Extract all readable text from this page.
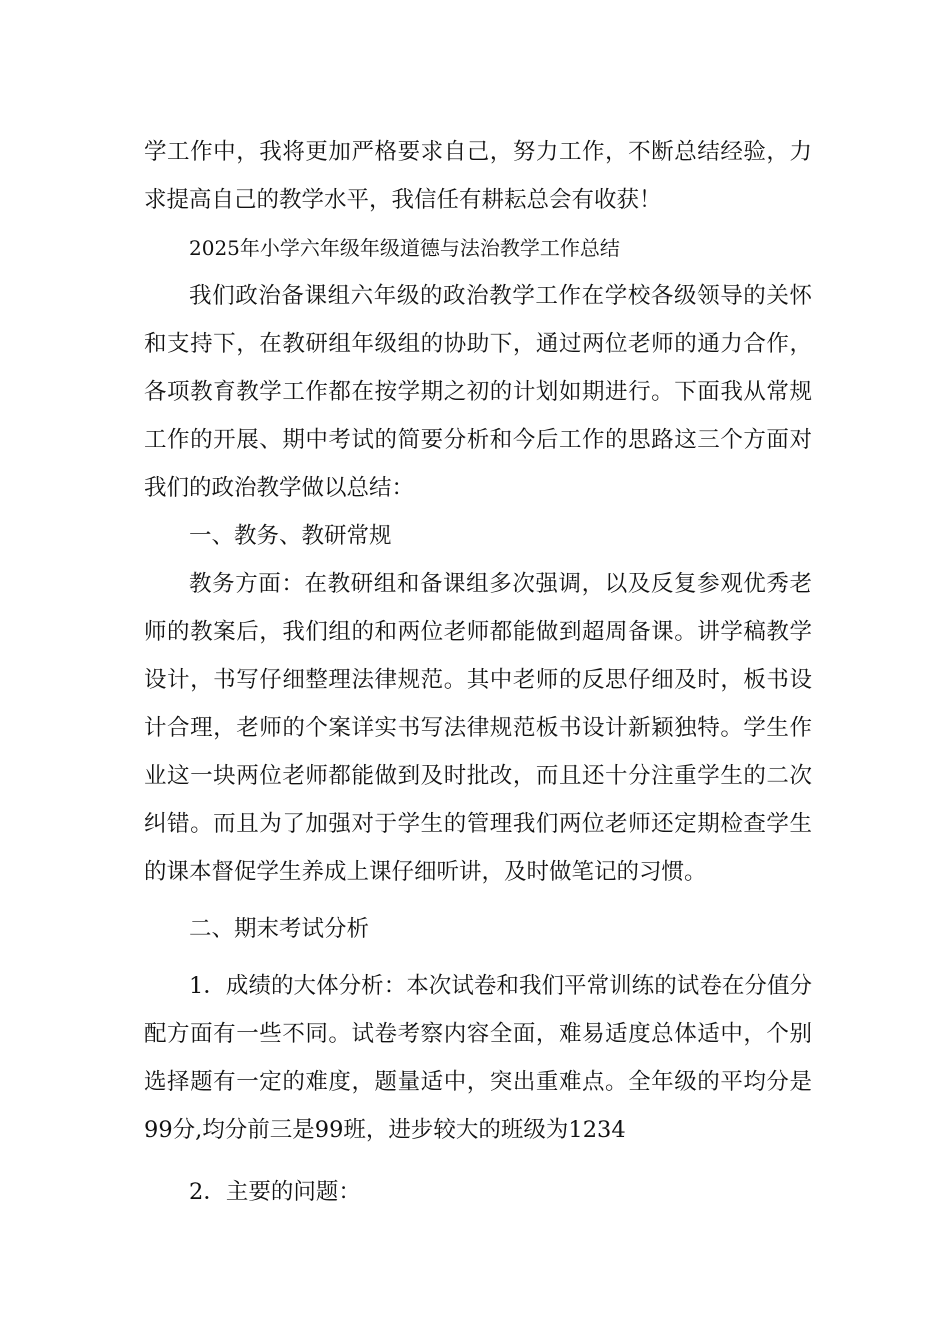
学工作中，我将更加严格要求自己，努力工作，不断总结经验，力求提高自己的教学水平，我信任有耕耘总会有收获！

2025年小学六年级年级道德与法治教学工作总结

我们政治备课组六年级的政治教学工作在学校各级领导的关怀和支持下，在教研组年级组的协助下，通过两位老师的通力合作，各项教育教学工作都在按学期之初的计划如期进行。下面我从常规工作的开展、期中考试的简要分析和今后工作的思路这三个方面对我们的政治教学做以总结：

一、教务、教研常规

教务方面：在教研组和备课组多次强调，以及反复参观优秀老师的教案后，我们组的和两位老师都能做到超周备课。讲学稿教学设计，书写仔细整理法律规范。其中老师的反思仔细及时，板书设计合理，老师的个案详实书写法律规范板书设计新颖独特。学生作业这一块两位老师都能做到及时批改，而且还十分注重学生的二次纠错。而且为了加强对于学生的管理我们两位老师还定期检查学生的课本督促学生养成上课仔细听讲，及时做笔记的习惯。

二、期末考试分析

1．成绩的大体分析：本次试卷和我们平常训练的试卷在分值分配方面有一些不同。试卷考察内容全面，难易适度总体适中，个别选择题有一定的难度，题量适中，突出重难点。全年级的平均分是99分,均分前三是99班，进步较大的班级为1234

2．主要的问题：
